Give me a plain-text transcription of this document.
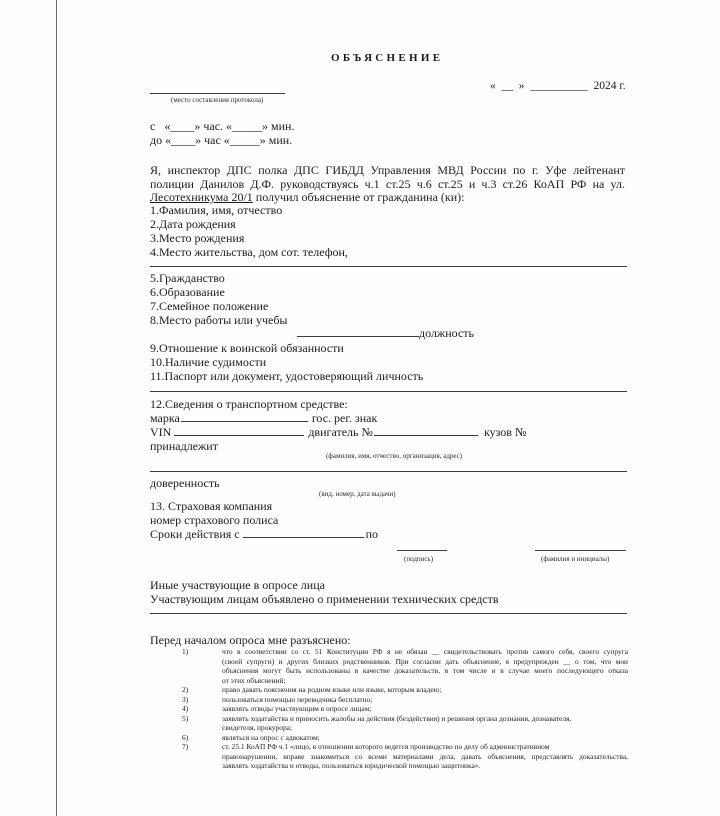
ОБЪЯСНЕНИЕ
«  __  »  __________  2024 г.
(место составления протокола)
с   «____» час. «_____» мин.
до «____» час «_____» мин.
Я, инспектор ДПС полка ДПС ГИБДД Управления МВД России по г. Уфе лейтенант
полиции Данилов Д.Ф. руководствуясь ч.1 ст.25 ч.6 ст.25 и ч.3 ст.26 КоАП РФ на ул.
Лесотехникума 20/1 получил объяснение от гражданина (ки):
1.Фамилия, имя, отчество
2.Дата рождения
3.Место рождения
4.Место жительства, дом сот. телефон,
5.Гражданство
6.Образование
7.Семейное положение
8.Место работы или учебы
должность
9.Отношение к воинской обязанности
10.Наличие судимости
11.Паспорт или документ, удостоверяющий личность
12.Сведения о транспортном средстве:
марка	гос. рег. знак
VIN	двигатель №	кузов №
принадлежит
(фамилия, имя, отчество, организация, адрес)
доверенность
(вид, номер, дата выдачи)
13. Страховая компания
номер страхового полиса
Сроки действия с	по
(подпись)	(фамилия и инициалы)
Иные участвующие в опросе лица
Участвующим лицам объявлено о применении технических средств
Перед началом опроса мне разъяснено:
1)	что в соответствии со ст. 51 Конституции РФ я не обязан __ свидетельствовать против самого себя, своего супруга
(своей супруги) и других близких родственников. При согласии дать объяснение, я предупрежден __ о том, что мои
объяснения могут быть использованы в качестве доказательств, в том числе и в случае моего последующего отказа
от этих объяснений;
2)	право давать пояснения на родном языке или языке, которым владею;
3)	пользоваться помощью переводчика бесплатно;
4)	заявлять отводы участвующим в опросе лицам;
5)	заявлять ходатайства и приносить жалобы на действия (бездействия) и решения органа дознания, дознавателя,
свидетеля, прокурора;
6)	являться на опрос с адвокатом;
7)	ст. 25.1 КоАП РФ ч.1 «лицо, в отношении которого ведется производство по делу об административном
правонарушении, вправе знакомиться со всеми материалами дела, давать объяснения, представлять доказательства,
заявлять ходатайства и отводы, пользоваться юридической помощью защитника».
